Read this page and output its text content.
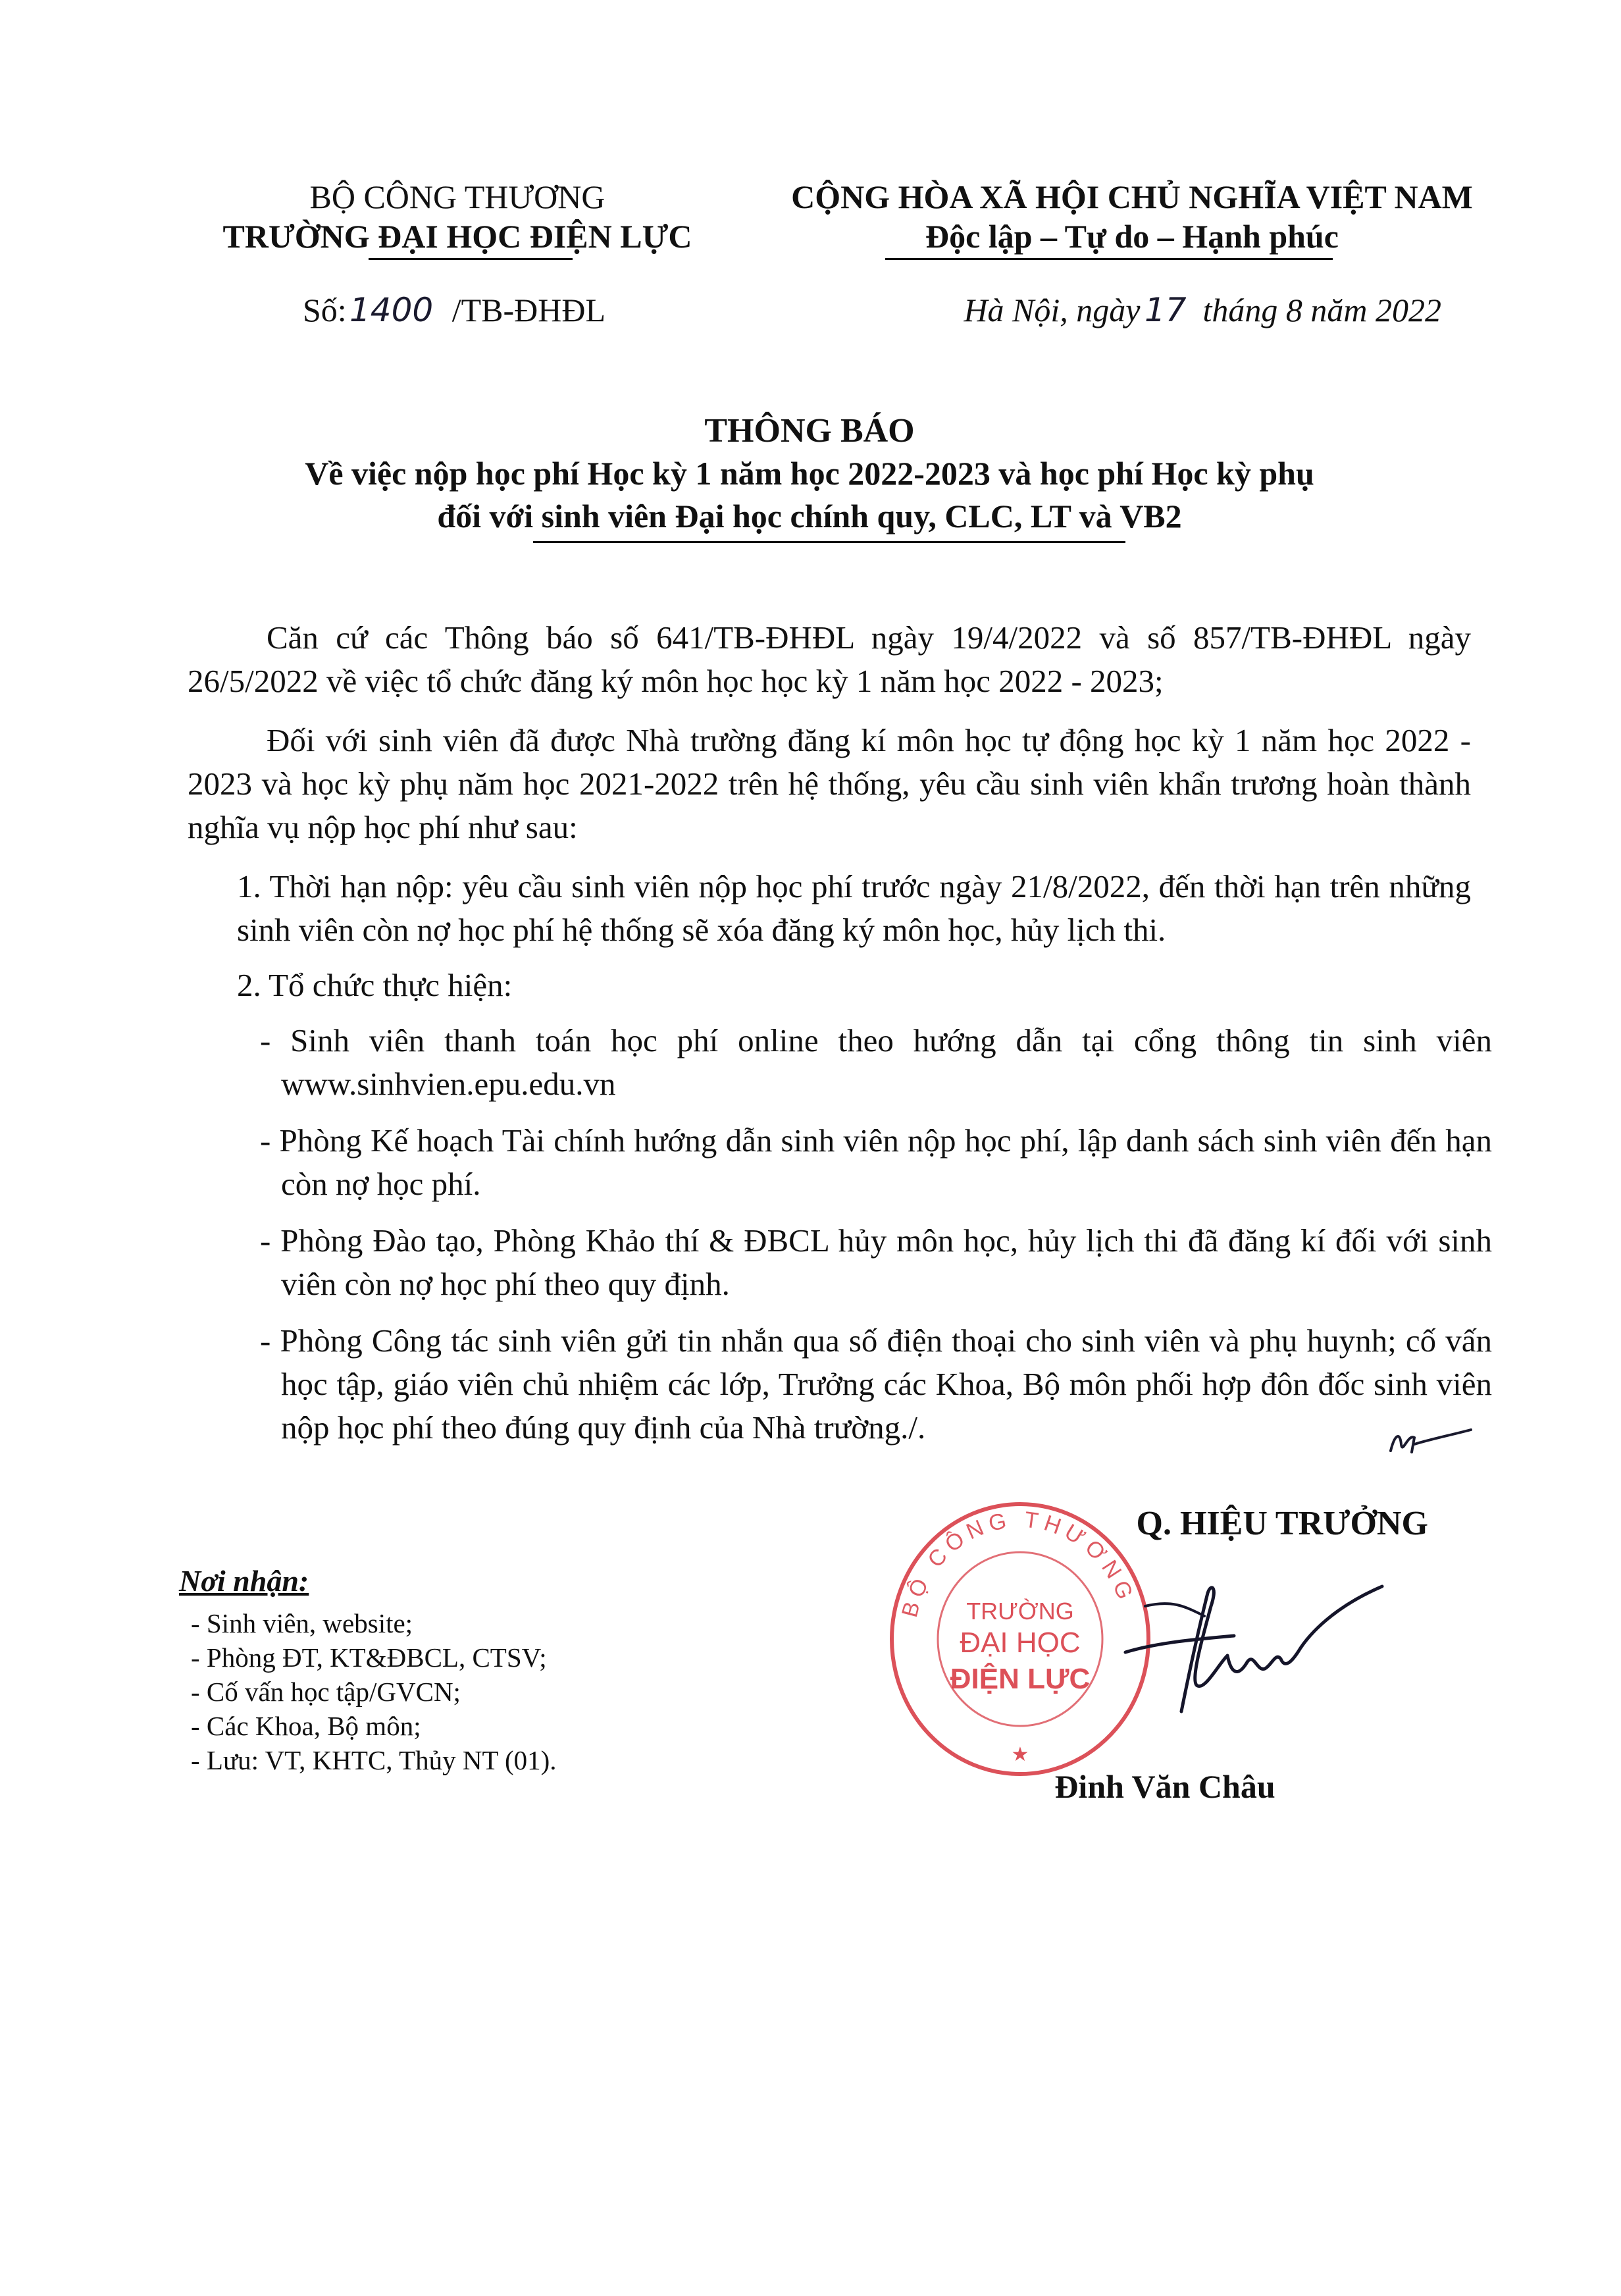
BỘ CÔNG THƯƠNG
TRƯỜNG ĐẠI HỌC ĐIỆN LỰC
Số: 1400 /TB-ĐHĐL
CỘNG HÒA XÃ HỘI CHỦ NGHĨA VIỆT NAM
Độc lập – Tự do – Hạnh phúc
Hà Nội, ngày 17 tháng 8 năm 2022
THÔNG BÁO
Về việc nộp học phí Học kỳ 1 năm học 2022-2023 và học phí Học kỳ phụ
đối với sinh viên Đại học chính quy, CLC, LT và VB2
Căn cứ các Thông báo số 641/TB-ĐHĐL ngày 19/4/2022 và số 857/TB-ĐHĐL ngày 26/5/2022 về việc tổ chức đăng ký môn học học kỳ 1 năm học 2022 - 2023;
Đối với sinh viên đã được Nhà trường đăng kí môn học tự động học kỳ 1 năm học 2022 - 2023 và học kỳ phụ năm học 2021-2022 trên hệ thống, yêu cầu sinh viên khẩn trương hoàn thành nghĩa vụ nộp học phí như sau:
1. Thời hạn nộp: yêu cầu sinh viên nộp học phí trước ngày 21/8/2022, đến thời hạn trên những sinh viên còn nợ học phí hệ thống sẽ xóa đăng ký môn học, hủy lịch thi.
2. Tổ chức thực hiện:
- Sinh viên thanh toán học phí online theo hướng dẫn tại cổng thông tin sinh viên www.sinhvien.epu.edu.vn
- Phòng Kế hoạch Tài chính hướng dẫn sinh viên nộp học phí, lập danh sách sinh viên đến hạn còn nợ học phí.
- Phòng Đào tạo, Phòng Khảo thí & ĐBCL hủy môn học, hủy lịch thi đã đăng kí đối với sinh viên còn nợ học phí theo quy định.
- Phòng Công tác sinh viên gửi tin nhắn qua số điện thoại cho sinh viên và phụ huynh; cố vấn học tập, giáo viên chủ nhiệm các lớp, Trưởng các Khoa, Bộ môn phối hợp đôn đốc sinh viên nộp học phí theo đúng quy định của Nhà trường./.
Nơi nhận:
- Sinh viên, website;
- Phòng ĐT, KT&ĐBCL, CTSV;
- Cố vấn học tập/GVCN;
- Các Khoa, Bộ môn;
- Lưu: VT, KHTC, Thủy NT (01).
Q. HIỆU TRƯỞNG
BỘ CÔNG THƯƠNG
TRƯỜNG
ĐẠI HỌC
ĐIỆN LỰC
★
Đinh Văn Châu
